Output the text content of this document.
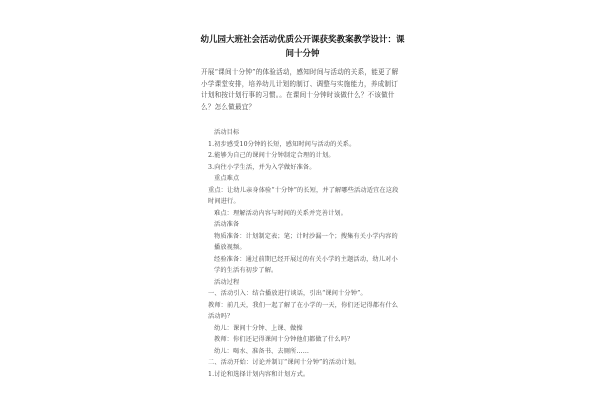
幼儿园大班社会活动优质公开课获奖教案教学设计：课间十分钟
开展“课间十分钟”的体验活动，感知时间与活动的关系，能更了解小学课堂安排，培养幼儿计划的制订、调整与实施能力，养成制订计划和按计划行事的习惯。。在课间十分钟时该做什么？不该做什么？怎么做最宜？
活动目标
1.初步感受10分钟的长短，感知时间与活动的关系。
2.能够为自己的课间十分钟制定合理的计划。
3.向往小学生活，并为入学做好准备。
重点难点
重点：让幼儿亲身体验“十分钟”的长短，并了解哪些活动适宜在这段时间进行。
难点：理解活动内容与时间的关系并完善计划。
活动准备
物质准备：计划制定表；笔；计时沙漏一个；搜集有关小学内容的播放视频。
经验准备：通过前期已经开展过的有关小学的主题活动，幼儿对小学的生活有初步了解。
活动过程
一、活动引入：结合播放进行谈话，引出“课间十分钟”。
教师：前几天，我们一起了解了在小学的一天，你们还记得都有什么活动吗？
幼儿：课间十分钟、上课、做操
教师：你们还记得课间十分钟他们都做了什么吗？
幼儿：喝水、准备书、去厕所……
二、活动开始：讨论并制订“课间十分钟”的活动计划。
1.讨论和选择计划内容和计划方式。
